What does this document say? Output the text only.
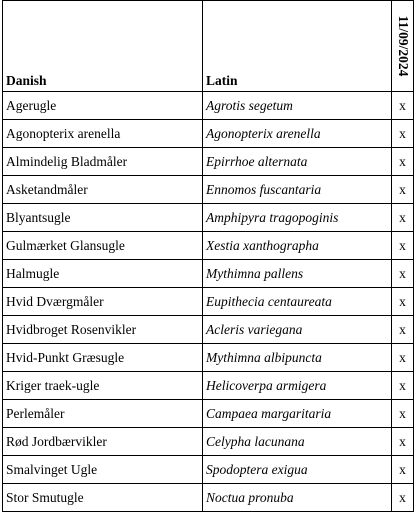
Danish	Latin	11/09/2024

Agerugle	Agrotis segetum	x
Agonopterix arenella	Agonopterix arenella	x
Almindelig Bladmåler	Epirrhoe alternata	x
Asketandmåler	Ennomos fuscantaria	x
Blyantsugle	Amphipyra tragopoginis	x
Gulmærket Glansugle	Xestia xanthographa	x
Halmugle	Mythimna pallens	x
Hvid Dværgmåler	Eupithecia centaureata	x
Hvidbroget Rosenvikler	Acleris variegana	x
Hvid-Punkt Græsugle	Mythimna albipuncta	x
Kriger traek-ugle	Helicoverpa armigera	x
Perlemåler	Campaea margaritaria	x
Rød Jordbærvikler	Celypha lacunana	x
Smalvinget Ugle	Spodoptera exigua	x
Stor Smutugle	Noctua pronuba	x
